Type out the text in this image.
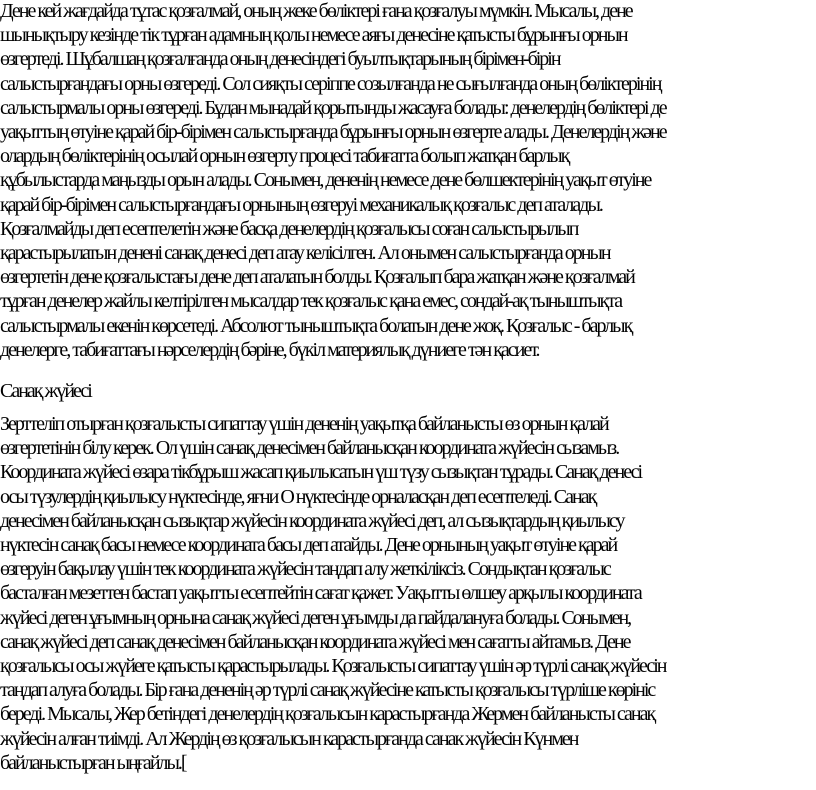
Дене кей жағдайда тұтас қозғалмай, оның жеке бөліктері ғана қозғалуы мүмкін. Мысалы, дене
шынықтыру кезінде тік тұрған адамның қолы немесе аяғы денесіне қатысты бұрынғы орнын
өзгертеді. Шұбалшаң қозғалғанда оның денесіндегі буылтықтарының бірімен-бірін
салыстырғандағы орны өзгереді. Сол сияқты серіппе созылғанда не сығылғанда оның бөліктерінің
салыстырмалы орны өзгереді. Бұдан мынадай қорытынды жасауға болады: денелердің бөліктері де
уақыттың өтуіне қарай бір-бірімен салыстырғанда бұрынғы орнын өзгерте алады. Денелердің және
олардың бөліктерінің осылай орнын өзгерту процесі табиғатта болып жатқан барлық
құбылыстарда маңызды орын алады. Сонымен, дененің немесе дене бөлшектерінің уақыт өтуіне
қарай бір-бірімен салыстырғандағы орнының өзгеруі механикалық қозғалыс деп аталады.
Қозғалмайды деп есептелетін және басқа денелердің қозғалысы соған салыстырылып
қарастырылатын денені санақ денесі деп атау келісілген. Ал онымен салыстырғанда орнын
өзгертетін дене қозғалыстағы дене деп аталатын болды. Қозғалып бара жатқан және қозғалмай
тұрған денелер жайлы келтірілген мысалдар тек қозғалыс қана емес, сондай-ақ тыныштықта
салыстырмалы екенін көрсетеді. Абсолют тыныштықта болатын дене жоқ. Қозғалыс - барлық
денелерге, табиғаттағы нәрселердің бәріне, бүкіл материялық дүниеге тән қасиет.

Санақ жүйесі

Зерттеліп отырған қозғалысты сипаттау үшін дененің уақытқа байланысты өз орнын қалай
өзгертетінін білу керек. Ол үшін санақ денесімен байланысқан координата жүйесін сызамыз.
Координата жүйесі өзара тікбұрыш жасап қиылысатын үш түзу сызықтан тұрады. Санақ денесі
осы түзулердің қиылысу нүктесінде, яғни О нүктесінде орналасқан деп есептеледі. Санақ
денесімен байланысқан сызықтар жүйесін координата жүйесі деп, ал сызықтардың қиылысу
нүктесін санақ басы немесе координата басы деп атайды. Дене орнының уақыт өтуіне қарай
өзгеруін бақылау үшін тек координата жүйесін таңдап алу жеткіліксіз. Сондықтан қозғалыс
басталған мезеттен бастап уақытты есептейтін сағат қажет. Уақытты өлшеу арқылы координата
жүйесі деген ұғымның орнына санақ жүйесі деген ұғымды да пайдалануға болады. Сонымен,
санақ жүйесі деп санақ денесімен байланысқан координата жүйесі мен сағатты айтамыз. Дене
қозғалысы осы жүйеге қатысты қарастырылады. Қозғалысты сипаттау үшін әр түрлі санақ жүйесін
таңдап алуға болады. Бір ғана дененің әр түрлі санақ жүйесіне катысты қозғалысы түрліше көрініс
береді. Мысалы, Жер бетіндегі денелердің қозғалысын карастырғанда Жермен байланысты санақ
жүйесін алған тиімді. Ал Жердің өз қозғалысын карастырғанда санак жүйесін Күнмен
байланыстырған ыңғайлы.[
